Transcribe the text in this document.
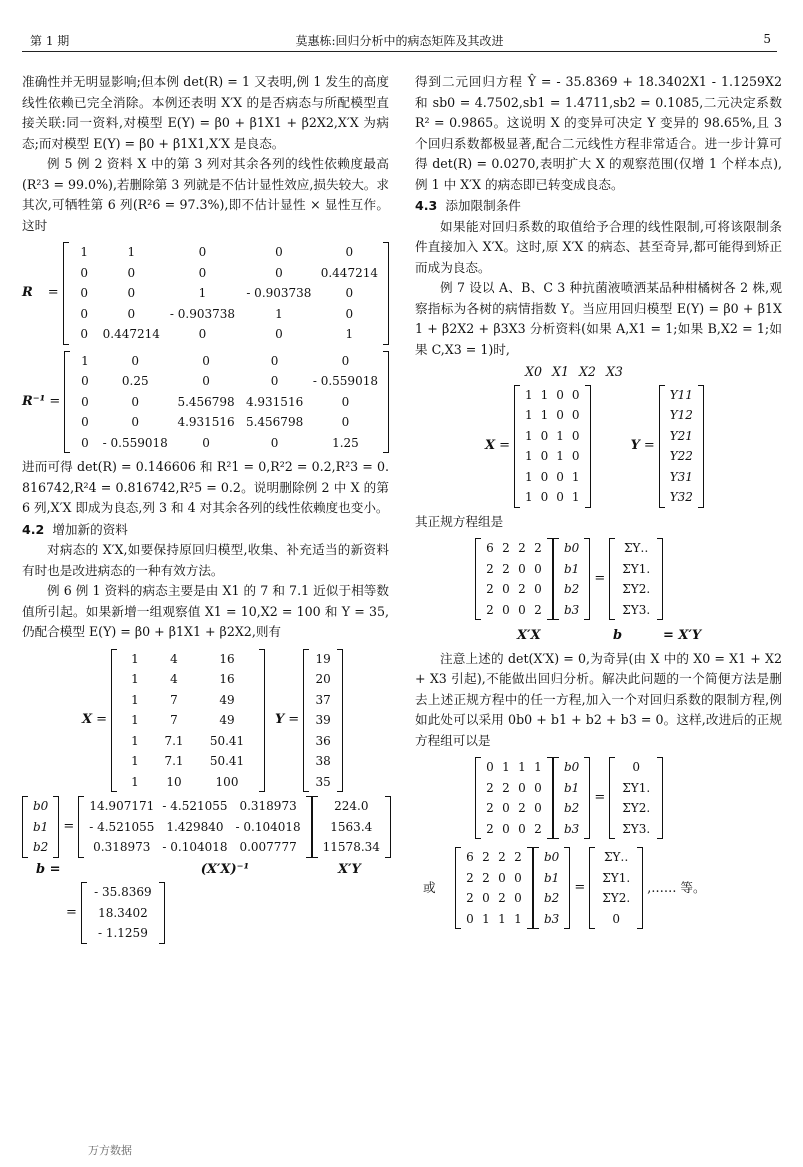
第 1 期	莫惠栋:回归分析中的病态矩阵及其改进	5
准确性并无明显影响;但本例 det(R) = 1 又表明,例 1 发生的高度线性依赖已完全消除。本例还表明 X′X 的是否病态与所配模型直接关联:同一资料,对模型 E(Y) = β0 + β1X1 + β2X2,X′X 为病态;而对模型 E(Y) = β0 + β1X1,X′X 是良态。
例 5 例 2 资料 X 中的第 3 列对其余各列的线性依赖度最高(R²3 = 99.0%),若删除第 3 列就是不估计显性效应,损失较大。求其次,可牺牲第 6 列(R²6 = 97.3%),即不估计显性 × 显性互作。这时
R	=
1	1	0	0	0
0	0	0	0	0.447214
0	0	1	- 0.903738	0
0	0	- 0.903738	1	0
0	0.447214	0	0	1
R⁻¹ =
1	0	0	0	0
0	0.25	0	0	- 0.559018
0	0	5.456798	4.931516	0
0	0	4.931516	5.456798	0
0	- 0.559018	0	0	1.25
进而可得 det(R) = 0.146606 和 R²1 = 0,R²2 = 0.2,R²3 = 0.816742,R²4 = 0.816742,R²5 = 0.2。说明删除例 2 中 X 的第 6 列,X′X 即成为良态,列 3 和 4 对其余各列的线性依赖度也变小。
4.2 增加新的资料
对病态的 X′X,如要保持原回归模型,收集、补充适当的新资料有时也是改进病态的一种有效方法。
例 6 例 1 资料的病态主要是由 X1 的 7 和 7.1 近似于相等数值所引起。如果新增一组观察值 X1 = 10,X2 = 100 和 Y = 35,仍配合模型 E(Y) = β0 + β1X1 + β2X2,则有
X =
1	4	16
1	4	16
1	7	49
1	7	49
1	7.1	50.41
1	7.1	50.41
1	10	100
Y =
19
20
37
39
36
38
35
b0
b1
b2
=
14.907171	- 4.521055	0.318973
- 4.521055	1.429840	- 0.104018
0.318973	- 0.104018	0.007777
224.0
1563.4
11578.34
b =	(X′X)⁻¹	X′Y
=
- 35.8369
18.3402
- 1.1259
得到二元回归方程 Ŷ = - 35.8369 + 18.3402X1 - 1.1259X2 和 sb0 = 4.7502,sb1 = 1.4711,sb2 = 0.1085,二元决定系数 R² = 0.9865。这说明 X 的变异可决定 Y 变异的 98.65%,且 3 个回归系数都极显著,配合二元线性方程非常适合。进一步计算可得 det(R) = 0.0270,表明扩大 X 的观察范围(仅增 1 个样本点),例 1 中 X′X 的病态即已转变成良态。
4.3 添加限制条件
如果能对回归系数的取值给予合理的线性限制,可将该限制条件直接加入 X′X。这时,原 X′X 的病态、甚至奇异,都可能得到矫正而成为良态。
例 7 设以 A、B、C 3 种抗菌液喷洒某品种柑橘树各 2 株,观察指标为各树的病情指数 Y。当应用回归模型 E(Y) = β0 + β1X1 + β2X2 + β3X3 分析资料(如果 A,X1 = 1;如果 B,X2 = 1;如果 C,X3 = 1)时,
X0 X1 X2 X3
X =
1	1	0	0
1	1	0	0
1	0	1	0
1	0	1	0
1	0	0	1
1	0	0	1
Y =
Y11
Y12
Y21
Y22
Y31
Y32
其正规方程组是
6	2	2	2
2	2	0	0
2	0	2	0
2	0	0	2
b0
b1
b2
b3
=
ΣY‥
ΣY1.
ΣY2.
ΣY3.
X′X	b	= X′Y
注意上述的 det(X′X) = 0,为奇异(由 X 中的 X0 = X1 + X2 + X3 引起),不能做出回归分析。解决此问题的一个简便方法是删去上述正规方程中的任一方程,加入一个对回归系数的限制方程,例如此处可以采用 0b0 + b1 + b2 + b3 = 0。这样,改进后的正规方程组可以是
0	1	1	1
2	2	0	0
2	0	2	0
2	0	0	2
b0
b1
b2
b3
=
0
ΣY1.
ΣY2.
ΣY3.
或
6	2	2	2
2	2	0	0
2	0	2	0
0	1	1	1
b0
b1
b2
b3
=
ΣY‥
ΣY1.
ΣY2.
0
,…… 等。
万方数据
